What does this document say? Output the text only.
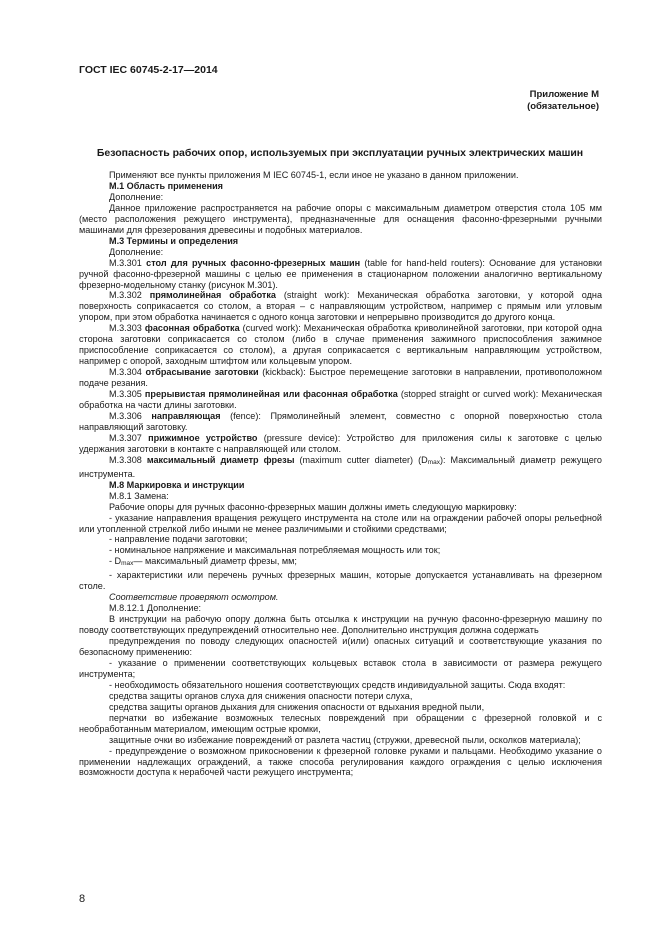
ГОСТ IEC 60745-2-17—2014
Приложение М
(обязательное)
Безопасность рабочих опор, используемых при эксплуатации ручных электрических машин

Применяют все пункты приложения М IEC 60745-1, если иное не указано в данном приложении.

М.1 Область применения

Дополнение:

Данное приложение распространяется на рабочие опоры с максимальным диаметром отверстия стола 105 мм (место расположения режущего инструмента), предназначенные для оснащения фасонно-фрезерными ручными машинами для фрезерования древесины и подобных материалов.

М.3 Термины и определения

Дополнение:

М.3.301 стол для ручных фасонно-фрезерных машин (table for hand-held routers): Основание для установки ручной фасонно-фрезерной машины с целью ее применения в стационарном положении аналогично вертикальному фрезерно-модельному станку (рисунок М.301).

М.3.302 прямолинейная обработка (straight work): Механическая обработка заготовки, у которой одна поверхность соприкасается со столом, а вторая – с направляющим устройством, например с прямым или угловым упором, при этом обработка начинается с одного конца заготовки и непрерывно производится до другого конца.

М.3.303 фасонная обработка (curved work): Механическая обработка криволинейной заготовки, при которой одна сторона заготовки соприкасается со столом (либо в случае применения зажимного приспособления зажимное приспособление соприкасается со столом), а другая соприкасается с вертикальным направляющим устройством, например с опорой, заходным штифтом или кольцевым упором.

М.3.304 отбрасывание заготовки (kickback): Быстрое перемещение заготовки в направлении, противоположном подаче резания.

М.3.305 прерывистая прямолинейная или фасонная обработка (stopped straight or curved work): Механическая обработка на части длины заготовки.

М.3.306 направляющая (fence): Прямолинейный элемент, совместно с опорной поверхностью стола направляющий заготовку.

М.3.307 прижимное устройство (pressure device): Устройство для приложения силы к заготовке с целью удержания заготовки в контакте с направляющей или столом.

М.3.308 максимальный диаметр фрезы (maximum cutter diameter) (Dmax): Максимальный диаметр режущего инструмента.

М.8 Маркировка и инструкции

М.8.1 Замена:

Рабочие опоры для ручных фасонно-фрезерных машин должны иметь следующую маркировку:

- указание направления вращения режущего инструмента на столе или на ограждении рабочей опоры рельефной или утопленной стрелкой либо иными не менее различимыми и стойкими средствами;

- направление подачи заготовки;

- номинальное напряжение и максимальная потребляемая мощность или ток;

- Dmax— максимальный диаметр фрезы, мм;

- характеристики или перечень ручных фрезерных машин, которые допускается устанавливать на фрезерном столе.

Соответствие проверяют осмотром.

М.8.12.1 Дополнение:

В инструкции на рабочую опору должна быть отсылка к инструкции на ручную фасонно-фрезерную машину по поводу соответствующих предупреждений относительно нее. Дополнительно инструкция должна содержать

предупреждения по поводу следующих опасностей и(или) опасных ситуаций и соответствующие указания по безопасному применению:

- указание о применении соответствующих кольцевых вставок стола в зависимости от размера режущего инструмента;

- необходимость обязательного ношения соответствующих средств индивидуальной защиты. Сюда входят:

средства защиты органов слуха для снижения опасности потери слуха,

средства защиты органов дыхания для снижения опасности от вдыхания вредной пыли,

перчатки во избежание возможных телесных повреждений при обращении с фрезерной головкой и с необработанным материалом, имеющим острые кромки,

защитные очки во избежание повреждений от разлета частиц (стружки, древесной пыли, осколков материала);

- предупреждение о возможном прикосновении к фрезерной головке руками и пальцами. Необходимо указание о применении надлежащих ограждений, а также способа регулирования каждого ограждения с целью исключения возможности доступа к нерабочей части режущего инструмента;

8
